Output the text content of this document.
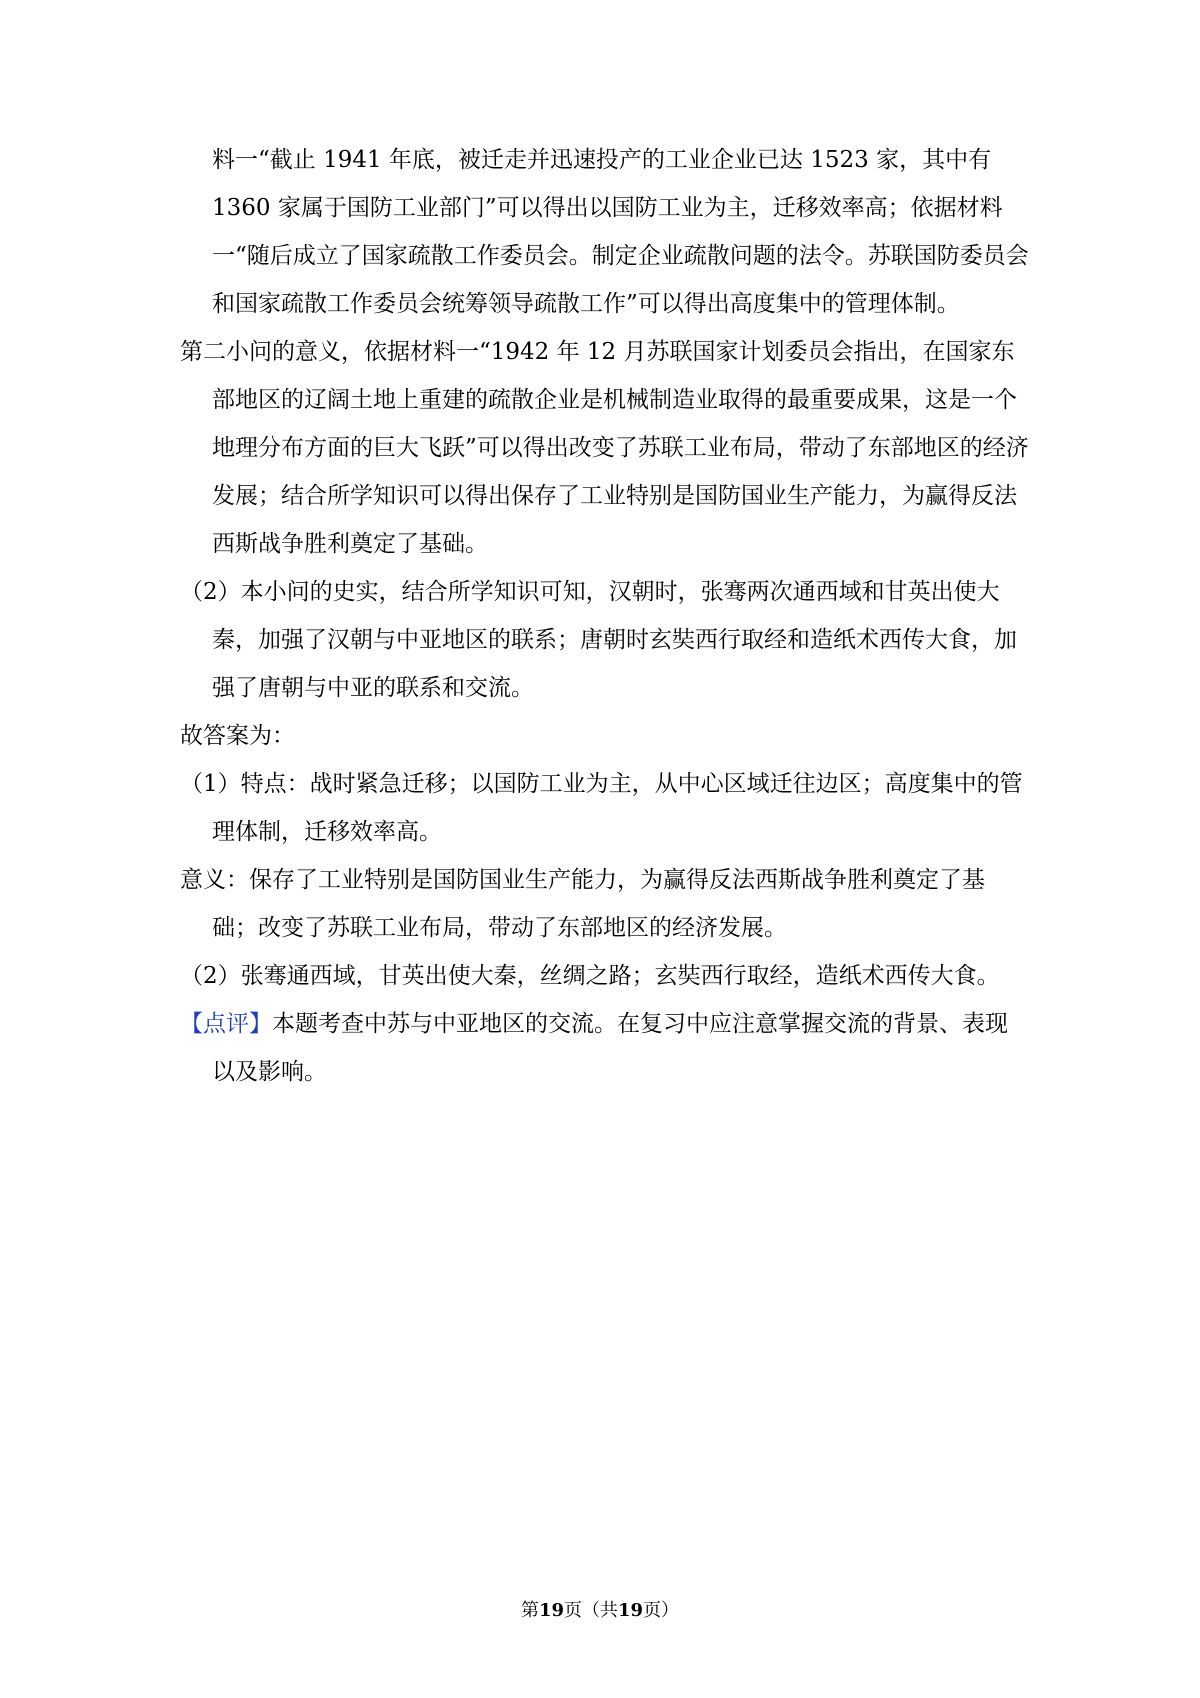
料一“截止 1941 年底，被迁走并迅速投产的工业企业已达 1523 家，其中有 1360 家属于国防工业部门”可以得出以国防工业为主，迁移效率高；依据材料一“随后成立了国家疏散工作委员会。制定企业疏散问题的法令。苏联国防委员会和国家疏散工作委员会统筹领导疏散工作”可以得出高度集中的管理体制。

第二小问的意义，依据材料一“1942 年 12 月苏联国家计划委员会指出，在国家东部地区的辽阔土地上重建的疏散企业是机械制造业取得的最重要成果，这是一个地理分布方面的巨大飞跃”可以得出改变了苏联工业布局，带动了东部地区的经济发展；结合所学知识可以得出保存了工业特别是国防国业生产能力，为赢得反法西斯战争胜利奠定了基础。

（2）本小问的史实，结合所学知识可知，汉朝时，张骞两次通西域和甘英出使大秦，加强了汉朝与中亚地区的联系；唐朝时玄奘西行取经和造纸术西传大食，加强了唐朝与中亚的联系和交流。

故答案为：

（1）特点：战时紧急迁移；以国防工业为主，从中心区域迁往边区；高度集中的管理体制，迁移效率高。

意义：保存了工业特别是国防国业生产能力，为赢得反法西斯战争胜利奠定了基础；改变了苏联工业布局，带动了东部地区的经济发展。

（2）张骞通西域，甘英出使大秦，丝绸之路；玄奘西行取经，造纸术西传大食。

【点评】本题考查中苏与中亚地区的交流。在复习中应注意掌握交流的背景、表现以及影响。

第19页（共19页）
